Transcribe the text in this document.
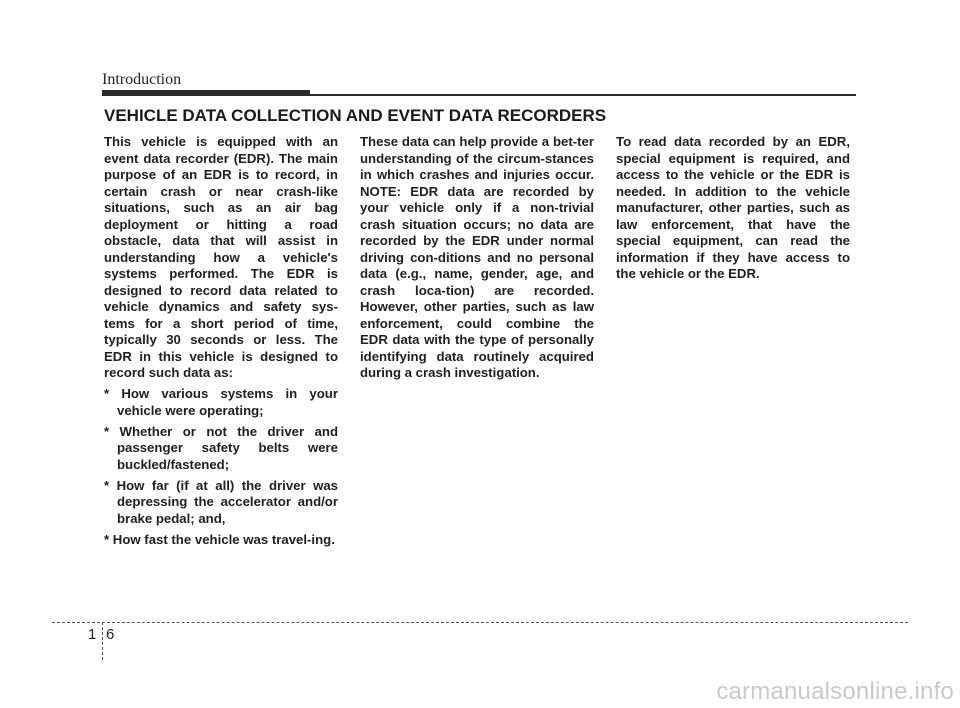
Introduction
VEHICLE DATA COLLECTION AND EVENT DATA RECORDERS

This vehicle is equipped with an event data recorder (EDR). The main purpose of an EDR is to record, in certain crash or near crash-like situations, such as an air bag deployment or hitting a road obstacle, data that will assist in understanding how a vehicle's systems performed. The EDR is designed to record data related to vehicle dynamics and safety sys-tems for a short period of time, typically 30 seconds or less. The EDR in this vehicle is designed to record such data as:

* How various systems in your vehicle were operating;

* Whether or not the driver and passenger safety belts were buckled/fastened;

* How far (if at all) the driver was depressing the accelerator and/or brake pedal; and,

* How fast the vehicle was travel-ing.

These data can help provide a bet-ter understanding of the circum-stances in which crashes and injuries occur. NOTE: EDR data are recorded by your vehicle only if a non-trivial crash situation occurs; no data are recorded by the EDR under normal driving con-ditions and no personal data (e.g., name, gender, age, and crash loca-tion) are recorded. However, other parties, such as law enforcement, could combine the EDR data with the type of personally identifying data routinely acquired during a crash investigation.

To read data recorded by an EDR, special equipment is required, and access to the vehicle or the EDR is needed. In addition to the vehicle manufacturer, other parties, such as law enforcement, that have the special equipment, can read the information if they have access to the vehicle or the EDR.

1 6
carmanualsonline.info
